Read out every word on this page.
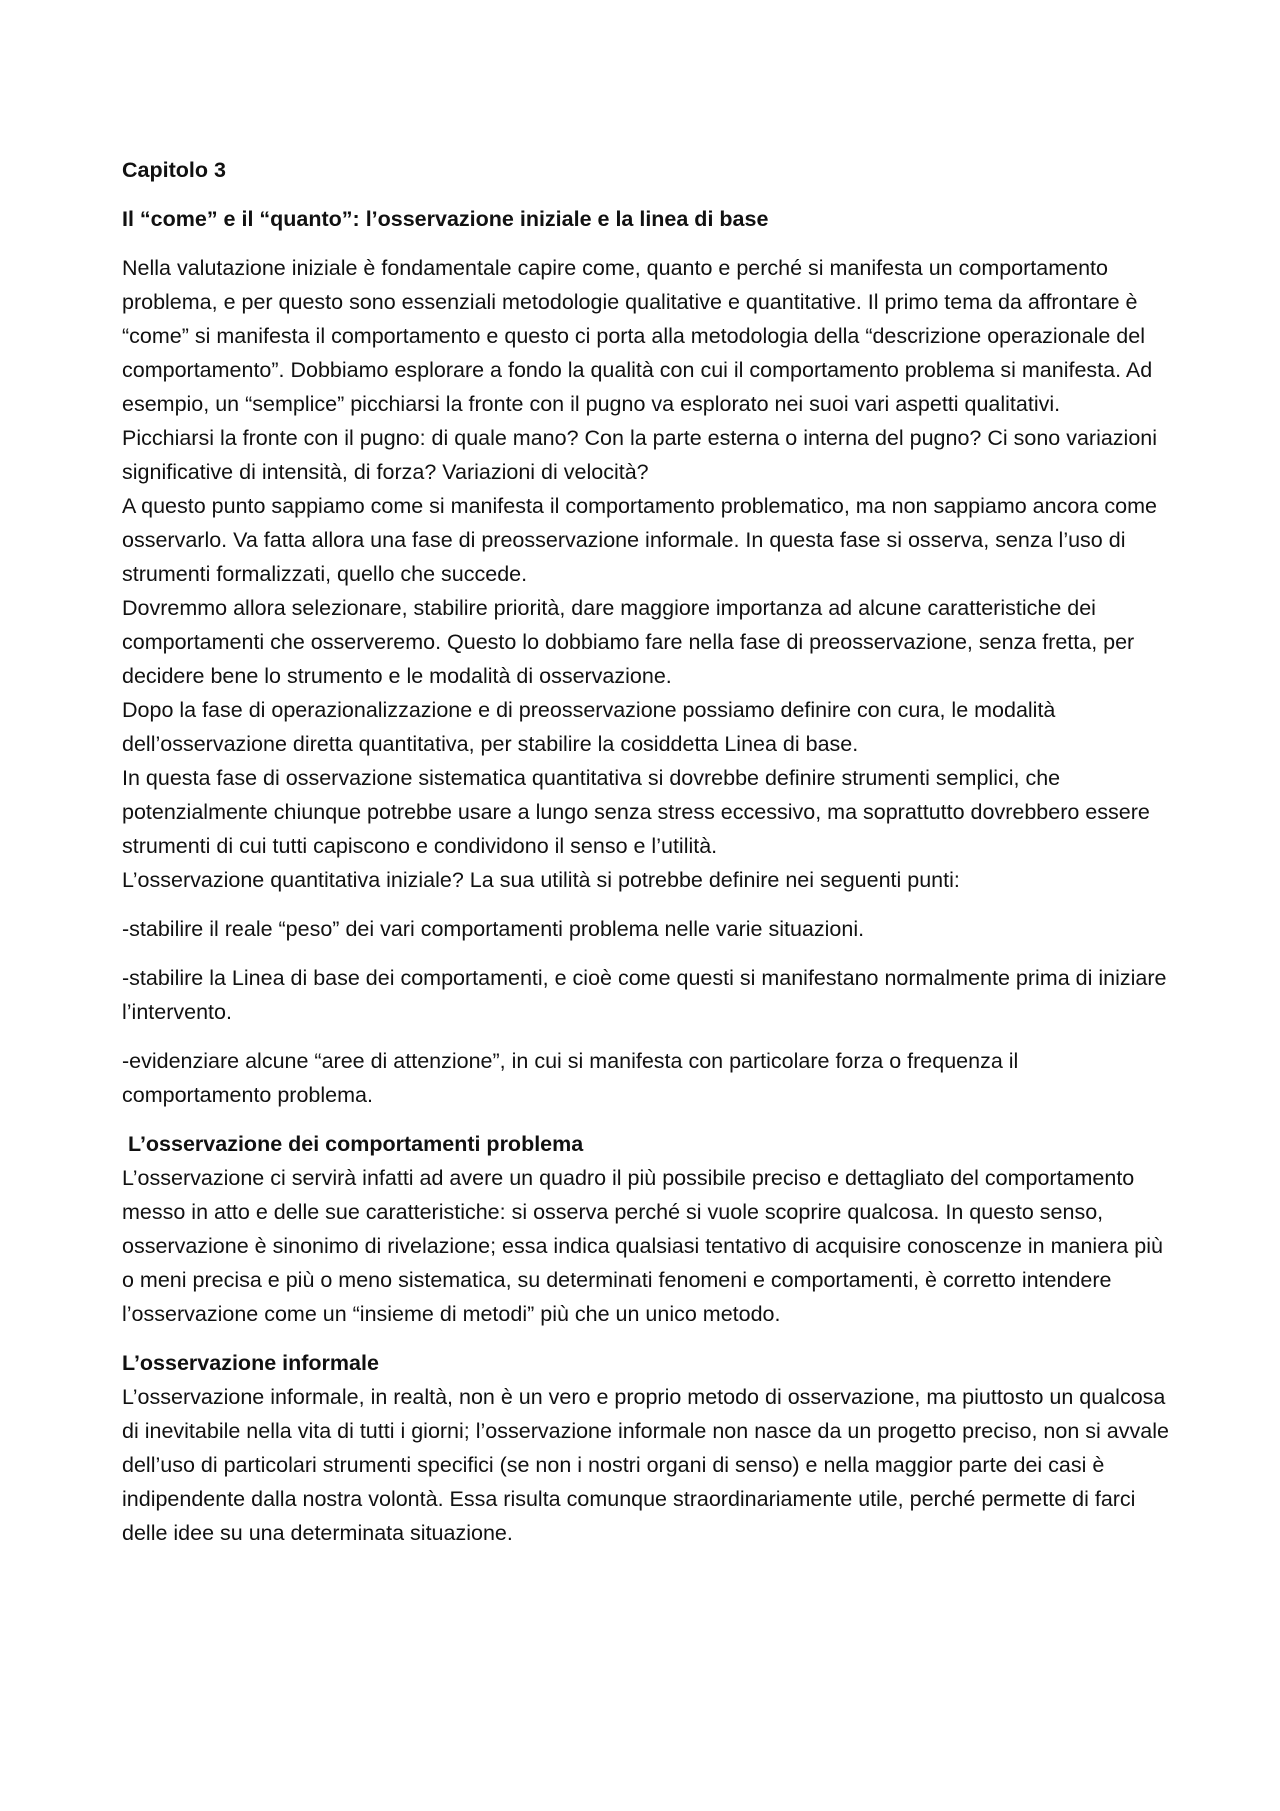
Capitolo 3

Il “come” e il “quanto”: l’osservazione iniziale e la linea di base

Nella valutazione iniziale è fondamentale capire come, quanto e perché si manifesta un comportamento problema, e per questo sono essenziali metodologie qualitative e quantitative. Il primo tema da affrontare è “come” si manifesta il comportamento e questo ci porta alla metodologia della “descrizione operazionale del comportamento”. Dobbiamo esplorare a fondo la qualità con cui il comportamento problema si manifesta. Ad esempio, un “semplice” picchiarsi la fronte con il pugno va esplorato nei suoi vari aspetti qualitativi.

Picchiarsi la fronte con il pugno: di quale mano? Con la parte esterna o interna del pugno? Ci sono variazioni significative di intensità, di forza? Variazioni di velocità?

A questo punto sappiamo come si manifesta il comportamento problematico, ma non sappiamo ancora come osservarlo. Va fatta allora una fase di preosservazione informale. In questa fase si osserva, senza l’uso di strumenti formalizzati, quello che succede.

Dovremmo allora selezionare, stabilire priorità, dare maggiore importanza ad alcune caratteristiche dei comportamenti che osserveremo. Questo lo dobbiamo fare nella fase di preosservazione, senza fretta, per decidere bene lo strumento e le modalità di osservazione.

Dopo la fase di operazionalizzazione e di preosservazione possiamo definire con cura, le modalità dell’osservazione diretta quantitativa, per stabilire la cosiddetta Linea di base.

In questa fase di osservazione sistematica quantitativa si dovrebbe definire strumenti semplici, che potenzialmente chiunque potrebbe usare a lungo senza stress eccessivo, ma soprattutto dovrebbero essere strumenti di cui tutti capiscono e condividono il senso e l’utilità.

L’osservazione quantitativa iniziale? La sua utilità si potrebbe definire nei seguenti punti:

-stabilire il reale “peso” dei vari comportamenti problema nelle varie situazioni.

-stabilire la Linea di base dei comportamenti, e cioè come questi si manifestano normalmente prima di iniziare l’intervento.

-evidenziare alcune “aree di attenzione”, in cui si manifesta con particolare forza o frequenza il comportamento problema.

L’osservazione dei comportamenti problema

L’osservazione ci servirà infatti ad avere un quadro il più possibile preciso e dettagliato del comportamento messo in atto e delle sue caratteristiche: si osserva perché si vuole scoprire qualcosa. In questo senso, osservazione è sinonimo di rivelazione; essa indica qualsiasi tentativo di acquisire conoscenze in maniera più o meni precisa e più o meno sistematica, su determinati fenomeni e comportamenti, è corretto intendere l’osservazione come un “insieme di metodi” più che un unico metodo.

L’osservazione informale

L’osservazione informale, in realtà, non è un vero e proprio metodo di osservazione, ma piuttosto un qualcosa di inevitabile nella vita di tutti i giorni; l’osservazione informale non nasce da un progetto preciso, non si avvale dell’uso di particolari strumenti specifici (se non i nostri organi di senso) e nella maggior parte dei casi è indipendente dalla nostra volontà. Essa risulta comunque straordinariamente utile, perché permette di farci delle idee su una determinata situazione.
